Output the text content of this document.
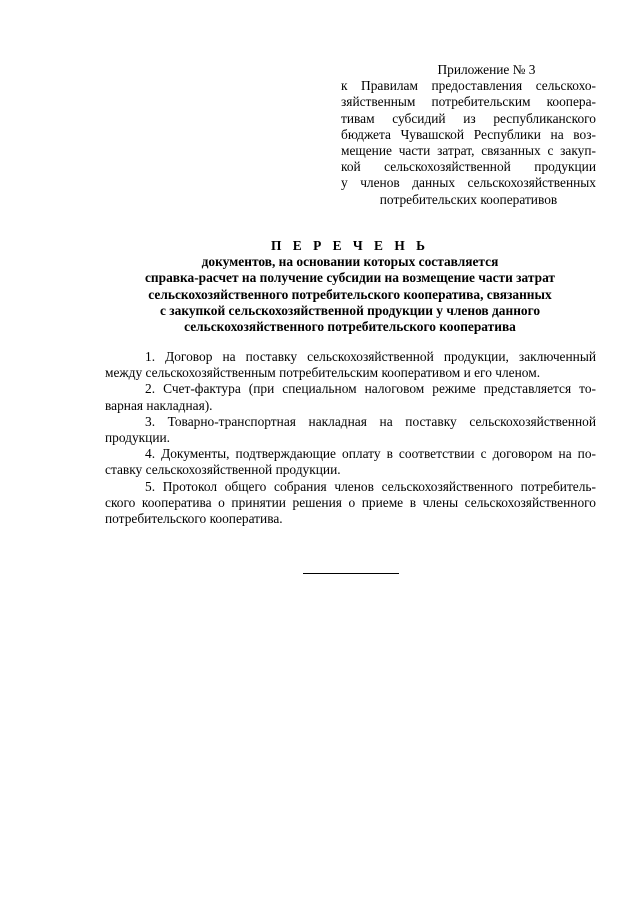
Приложение № 3

к Правилам предоставления сельскохо-
зяйственным потребительским коопера-
тивам субсидий из республиканского
бюджета Чувашской Республики на воз-
мещение части затрат, связанных с закуп-
кой сельскохозяйственной продукции
у членов данных сельскохозяйственных
потребительских кооперативов
П Е Р Е Ч Е Н Ь
документов, на основании которых составляется
справка-расчет на получение субсидии на возмещение части затрат
сельскохозяйственного потребительского кооператива, связанных
с закупкой сельскохозяйственной продукции у членов данного
сельскохозяйственного потребительского кооператива
1. Договор на поставку сельскохозяйственной продукции, заключенный
между сельскохозяйственным потребительским кооперативом и его членом.
2. Счет-фактура (при специальном налоговом режиме представляется то-
варная накладная).
3. Товарно-транспортная накладная на поставку сельскохозяйственной
продукции.
4. Документы, подтверждающие оплату в соответствии с договором на по-
ставку сельскохозяйственной продукции.
5. Протокол общего собрания членов сельскохозяйственного потребитель-
ского кооператива о принятии решения о приеме в члены сельскохозяйственного
потребительского кооператива.
